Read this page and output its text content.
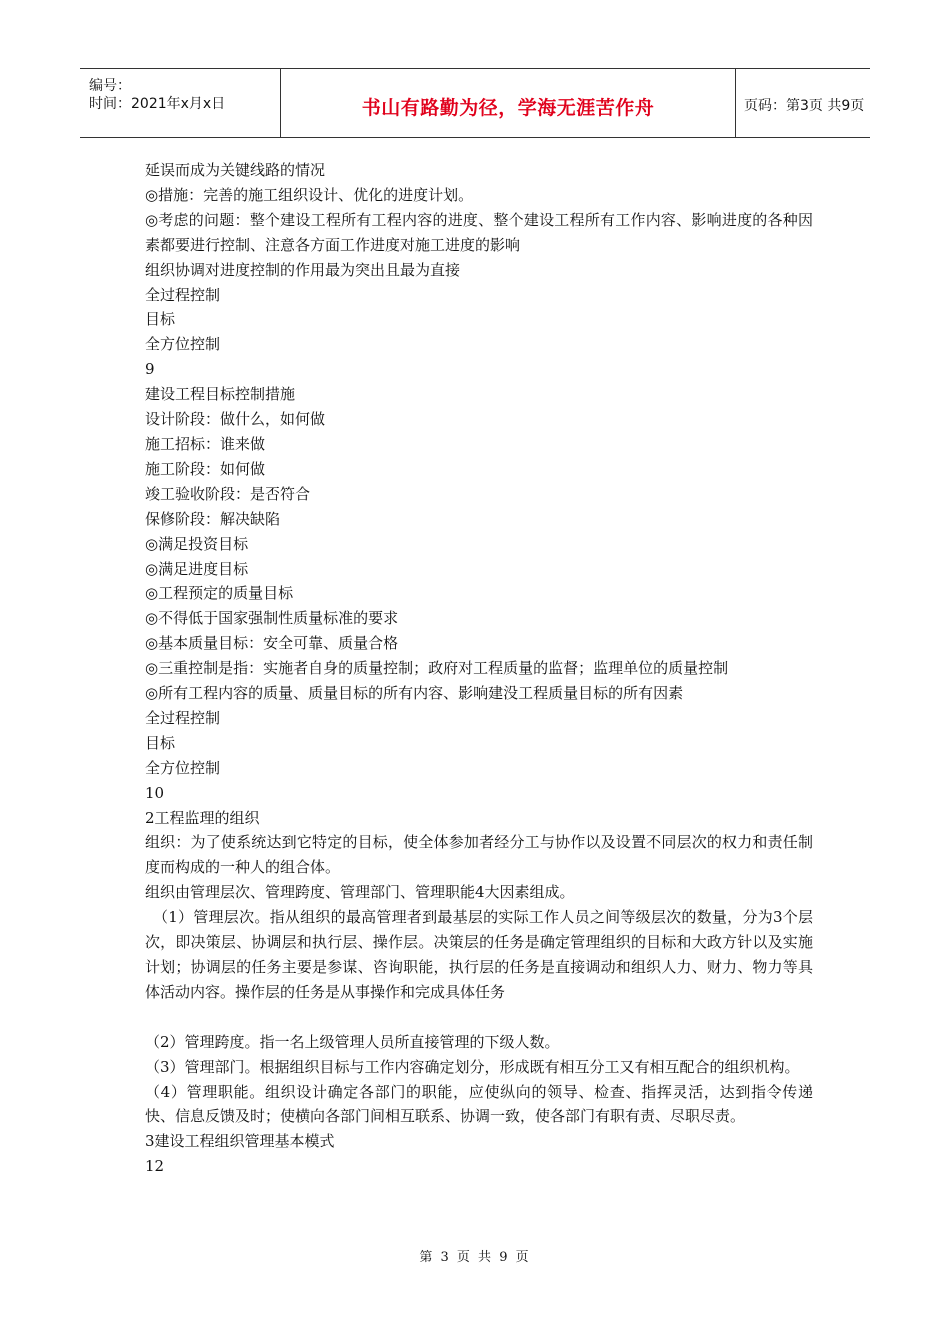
编号：
时间：2021年x月x日	书山有路勤为径，学海无涯苦作舟	页码：第3页 共9页

延误而成为关键线路的情况

◎措施：完善的施工组织设计、优化的进度计划。

◎考虑的问题：整个建设工程所有工程内容的进度、整个建设工程所有工作内容、影响进度的各种因素都要进行控制、注意各方面工作进度对施工进度的影响

组织协调对进度控制的作用最为突出且最为直接

全过程控制

目标

全方位控制

9

建设工程目标控制措施

设计阶段：做什么，如何做

施工招标：谁来做

施工阶段：如何做

竣工验收阶段：是否符合

保修阶段：解决缺陷

◎满足投资目标

◎满足进度目标

◎工程预定的质量目标

◎不得低于国家强制性质量标准的要求

◎基本质量目标：安全可靠、质量合格

◎三重控制是指：实施者自身的质量控制；政府对工程质量的监督；监理单位的质量控制

◎所有工程内容的质量、质量目标的所有内容、影响建没工程质量目标的所有因素

全过程控制

目标

全方位控制

10

2工程监理的组织

组织：为了使系统达到它特定的目标，使全体参加者经分工与协作以及设置不同层次的权力和责任制度而构成的一种人的组合体。

组织由管理层次、管理跨度、管理部门、管理职能4大因素组成。

（1）管理层次。指从组织的最高管理者到最基层的实际工作人员之间等级层次的数量，分为3个层次，即决策层、协调层和执行层、操作层。决策层的任务是确定管理组织的目标和大政方针以及实施计划；协调层的任务主要是参谋、咨询职能，执行层的任务是直接调动和组织人力、财力、物力等具体活动内容。操作层的任务是从事操作和完成具体任务

（2）管理跨度。指一名上级管理人员所直接管理的下级人数。

（3）管理部门。根据组织目标与工作内容确定划分，形成既有相互分工又有相互配合的组织机构。

（4）管理职能。组织设计确定各部门的职能，应使纵向的领导、检查、指挥灵活，达到指令传递快、信息反馈及时；使横向各部门间相互联系、协调一致，使各部门有职有责、尽职尽责。

3建设工程组织管理基本模式

12

第 3 页 共 9 页
